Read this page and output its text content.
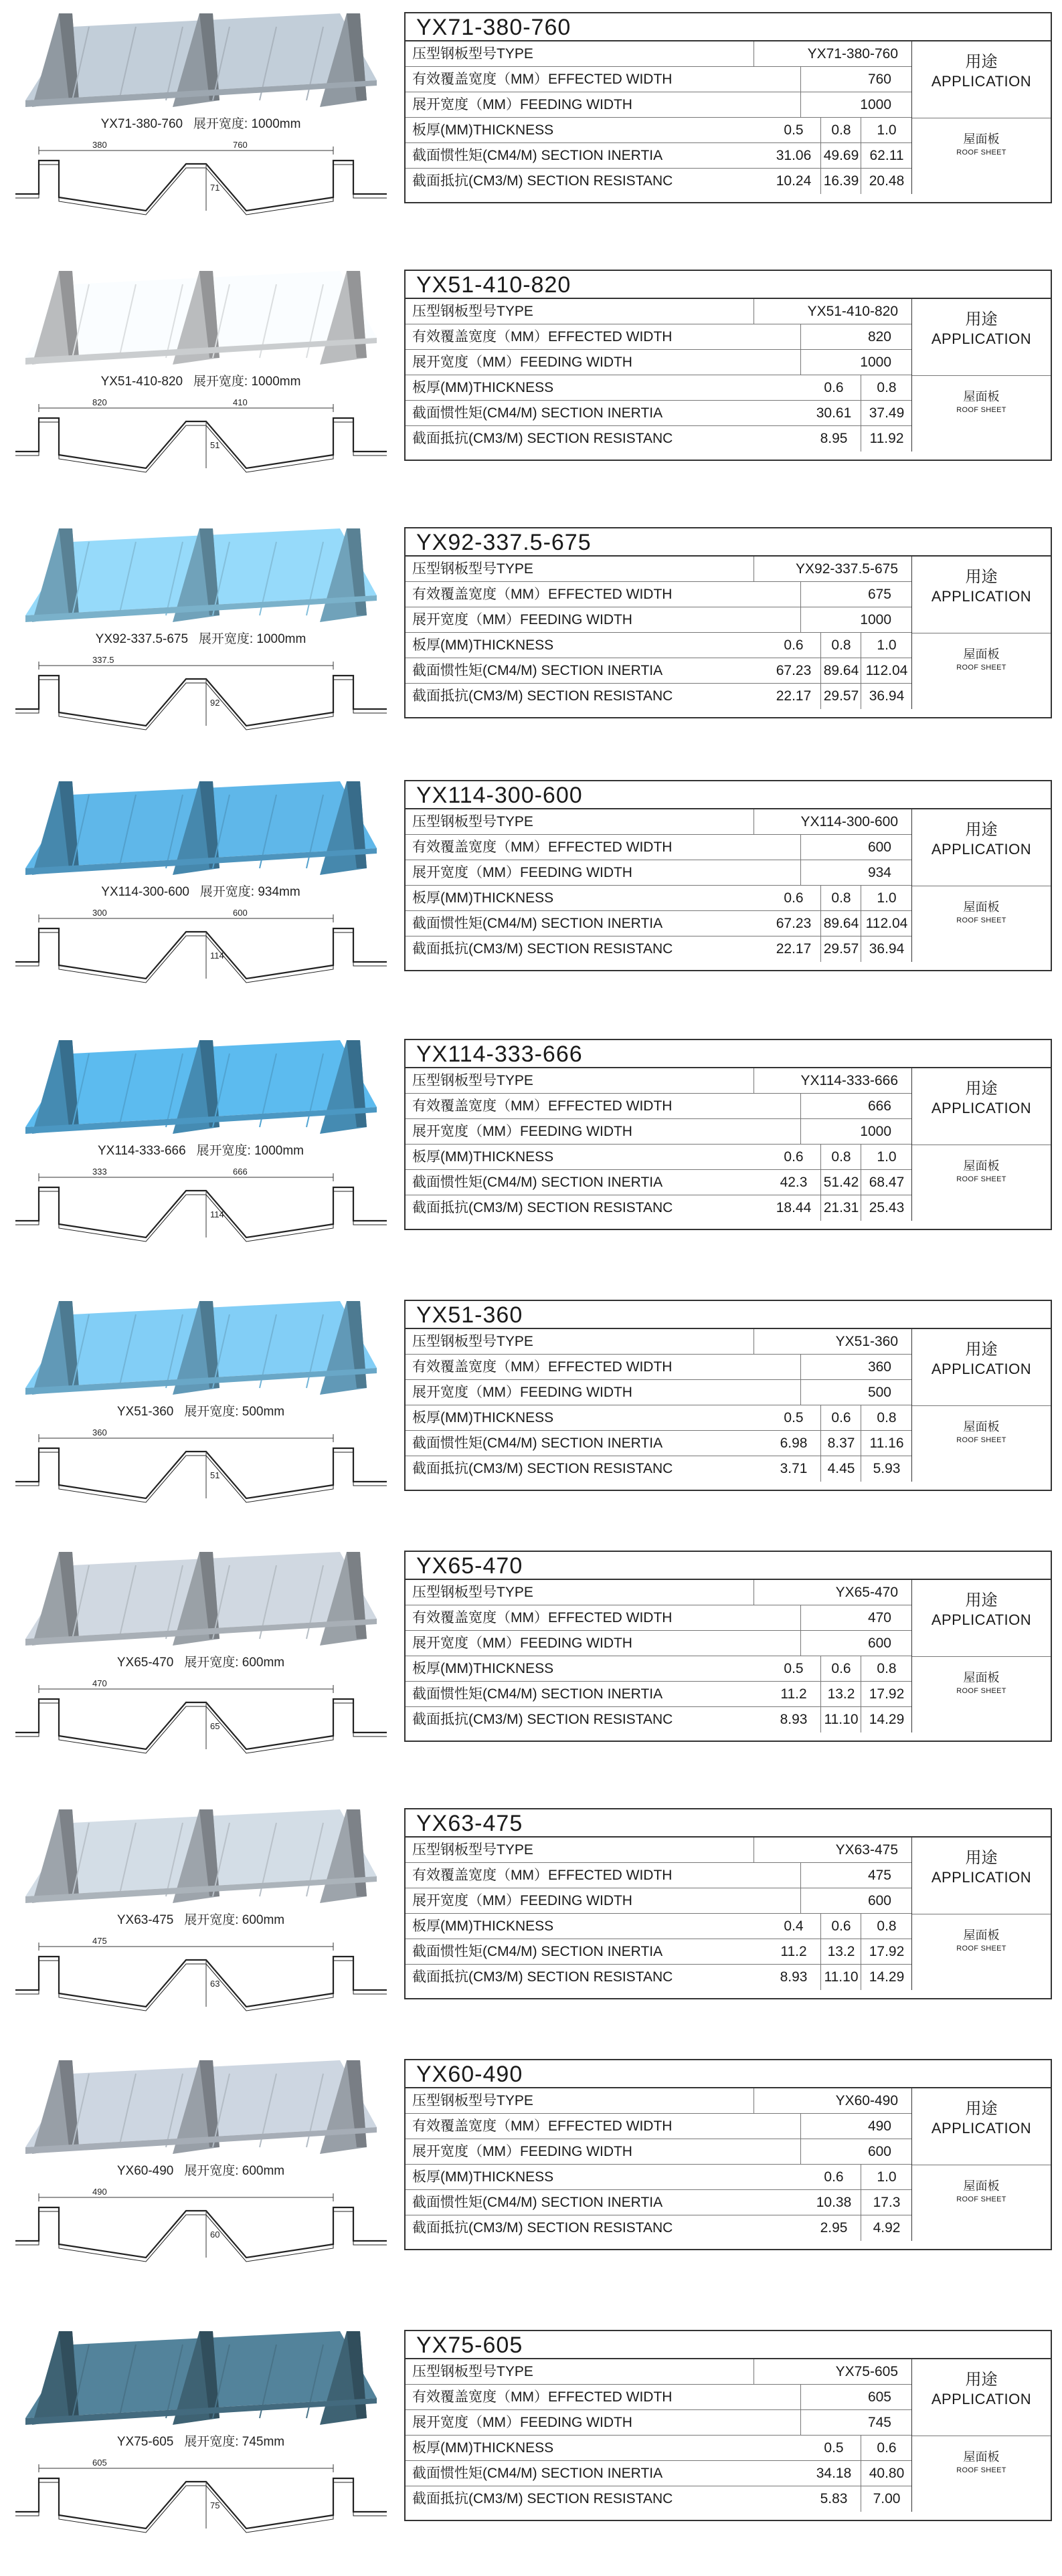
YX71-380-760   展开宽度: 1000mm
380	760
71
YX71-380-760
压型钢板型号TYPE	YX71-380-760
有效覆盖宽度（MM）EFFECTED WIDTH	760
展开宽度（MM）FEEDING WIDTH	1000
板厚(MM)THICKNESS	0.5	0.8	1.0
截面惯性矩(CM4/M) SECTION INERTIA	31.06 49.69 62.11
截面抵抗(CM3/M) SECTION RESISTANC	10.24 16.39 20.48
用途
APPLICATION
屋面板
ROOF SHEET
YX51-410-820   展开宽度: 1000mm
820	410
51
YX51-410-820
压型钢板型号TYPE	YX51-410-820
有效覆盖宽度（MM）EFFECTED WIDTH	820
展开宽度（MM）FEEDING WIDTH	1000
板厚(MM)THICKNESS	0.6	0.8
截面惯性矩(CM4/M) SECTION INERTIA	30.61	37.49
截面抵抗(CM3/M) SECTION RESISTANC	8.95	11.92
用途
APPLICATION
屋面板
ROOF SHEET
YX92-337.5-675   展开宽度: 1000mm
337.5
92
YX92-337.5-675
压型钢板型号TYPE	YX92-337.5-675
有效覆盖宽度（MM）EFFECTED WIDTH	675
展开宽度（MM）FEEDING WIDTH	1000
板厚(MM)THICKNESS	0.6	0.8	1.0
截面惯性矩(CM4/M) SECTION INERTIA	67.23 89.64 112.04
截面抵抗(CM3/M) SECTION RESISTANC	22.17 29.57 36.94
用途
APPLICATION
屋面板
ROOF SHEET
YX114-300-600   展开宽度: 934mm
300	600
114
YX114-300-600
压型钢板型号TYPE	YX114-300-600
有效覆盖宽度（MM）EFFECTED WIDTH	600
展开宽度（MM）FEEDING WIDTH	934
板厚(MM)THICKNESS	0.6	0.8	1.0
截面惯性矩(CM4/M) SECTION INERTIA	67.23 89.64 112.04
截面抵抗(CM3/M) SECTION RESISTANC	22.17 29.57 36.94
用途
APPLICATION
屋面板
ROOF SHEET
YX114-333-666   展开宽度: 1000mm
333	666
114
YX114-333-666
压型钢板型号TYPE	YX114-333-666
有效覆盖宽度（MM）EFFECTED WIDTH	666
展开宽度（MM）FEEDING WIDTH	1000
板厚(MM)THICKNESS	0.6	0.8	1.0
截面惯性矩(CM4/M) SECTION INERTIA	42.3	51.42 68.47
截面抵抗(CM3/M) SECTION RESISTANC	18.44 21.31 25.43
用途
APPLICATION
屋面板
ROOF SHEET
YX51-360   展开宽度: 500mm
360
51
YX51-360
压型钢板型号TYPE	YX51-360
有效覆盖宽度（MM）EFFECTED WIDTH	360
展开宽度（MM）FEEDING WIDTH	500
板厚(MM)THICKNESS	0.5	0.6	0.8
截面惯性矩(CM4/M) SECTION INERTIA	6.98	8.37	11.16
截面抵抗(CM3/M) SECTION RESISTANC	3.71	4.45	5.93
用途
APPLICATION
屋面板
ROOF SHEET
YX65-470   展开宽度: 600mm
470
65
YX65-470
压型钢板型号TYPE	YX65-470
有效覆盖宽度（MM）EFFECTED WIDTH	470
展开宽度（MM）FEEDING WIDTH	600
板厚(MM)THICKNESS	0.5	0.6	0.8
截面惯性矩(CM4/M) SECTION INERTIA	11.2	13.2	17.92
截面抵抗(CM3/M) SECTION RESISTANC	8.93	11.10 14.29
用途
APPLICATION
屋面板
ROOF SHEET
YX63-475   展开宽度: 600mm
475
63
YX63-475
压型钢板型号TYPE	YX63-475
有效覆盖宽度（MM）EFFECTED WIDTH	475
展开宽度（MM）FEEDING WIDTH	600
板厚(MM)THICKNESS	0.4	0.6	0.8
截面惯性矩(CM4/M) SECTION INERTIA	11.2	13.2	17.92
截面抵抗(CM3/M) SECTION RESISTANC	8.93	11.10 14.29
用途
APPLICATION
屋面板
ROOF SHEET
YX60-490   展开宽度: 600mm
490
60
YX60-490
压型钢板型号TYPE	YX60-490
有效覆盖宽度（MM）EFFECTED WIDTH	490
展开宽度（MM）FEEDING WIDTH	600
板厚(MM)THICKNESS	0.6	1.0
截面惯性矩(CM4/M) SECTION INERTIA	10.38	17.3
截面抵抗(CM3/M) SECTION RESISTANC	2.95	4.92
用途
APPLICATION
屋面板
ROOF SHEET
YX75-605   展开宽度: 745mm
605
75
YX75-605
压型钢板型号TYPE	YX75-605
有效覆盖宽度（MM）EFFECTED WIDTH	605
展开宽度（MM）FEEDING WIDTH	745
板厚(MM)THICKNESS	0.5	0.6
截面惯性矩(CM4/M) SECTION INERTIA	34.18	40.80
截面抵抗(CM3/M) SECTION RESISTANC	5.83	7.00
用途
APPLICATION
屋面板
ROOF SHEET
